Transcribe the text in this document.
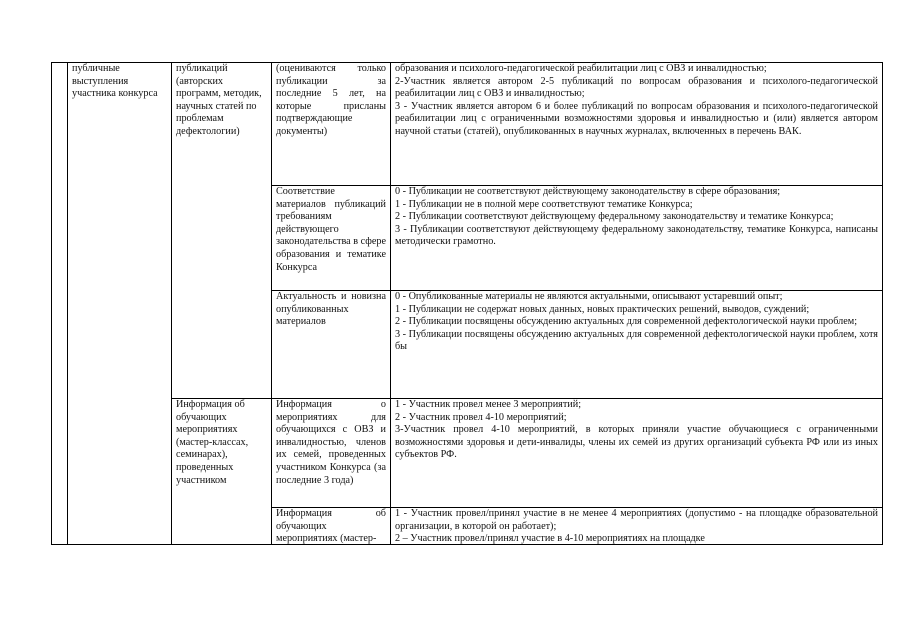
	публичные выступления участника конкурса	публикаций (авторских программ, методик, научных статей по проблемам дефектологии)	(оцениваются только публикации за последние 5 лет, на которые присланы подтверждающие документы)	образования и психолого-педагогической реабилитации лиц с ОВЗ и инвалидностью;

2-Участник является автором 2-5 публикаций по вопросам образования и психолого-педагогической реабилитации лиц с ОВЗ и инвалидностью;

3 - Участник является автором 6 и более публикаций по вопросам образования и психолого-педагогической реабилитации лиц с ограниченными возможностями здоровья и инвалидностью и (или) является автором научной статьи (статей), опубликованных в научных журналах, включенных в перечень ВАК.

			Соответствие материалов публикаций требованиям действующего законодательства в сфере образования и тематике Конкурса	0 - Публикации не соответствуют действующему законодательству в сфере образования;

1 - Публикации не в полной мере соответствуют тематике Конкурса;

2 - Публикации соответствуют действующему федеральному законодательству и тематике Конкурса;

3 - Публикации соответствуют действующему федеральному законодательству, тематике Конкурса, написаны методически грамотно.

			Актуальность и новизна опубликованных материалов	0 - Опубликованные материалы не являются актуальными, описывают устаревший опыт;

1 - Публикации не содержат новых данных, новых практических решений, выводов, суждений;

2 - Публикации посвящены обсуждению актуальных для современной дефектологической науки проблем;

3 - Публикации посвящены обсуждению актуальных для современной дефектологической науки проблем, хотя бы

		Информация об обучающих мероприятиях (мастер-классах, семинарах), проведенных участником	Информация о мероприятиях для обучающихся с ОВЗ и инвалидностью, членов их семей, проведенных участником Конкурса (за последние 3 года)	1 - Участник провел менее 3 мероприятий;

2 - Участник провел 4-10 мероприятий;

3-Участник провел 4-10 мероприятий, в которых приняли участие обучающиеся с ограниченными возможностями здоровья и дети-инвалиды, члены их семей из других организаций субъекта РФ или из иных субъектов РФ.

			Информация об обучающих мероприятиях (мастер-	1 - Участник провел/принял участие в не менее 4 мероприятиях (допустимо - на площадке образовательной организации, в которой он работает);

2 – Участник провел/принял участие в 4-10 мероприятиях на площадке
